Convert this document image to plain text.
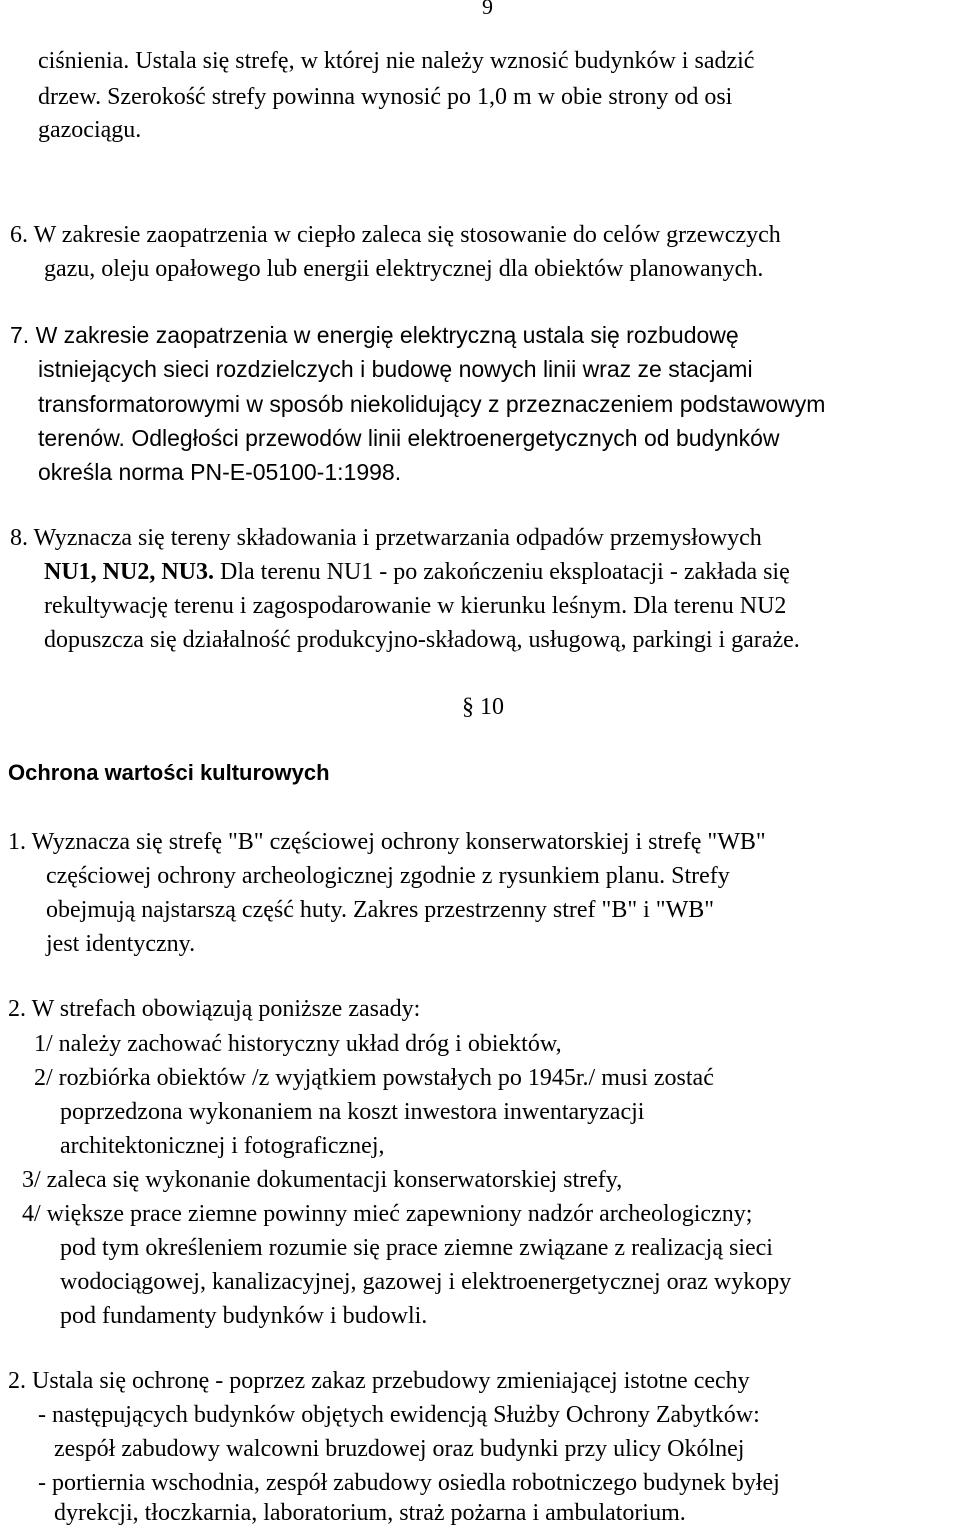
9
ciśnienia. Ustala się strefę, w której nie należy wznosić budynków i sadzić
drzew. Szerokość strefy powinna wynosić po 1,0 m w obie strony od osi
gazociągu.
6. W zakresie zaopatrzenia w ciepło zaleca się stosowanie do celów grzewczych
gazu, oleju opałowego lub energii elektrycznej dla obiektów planowanych.
7. W zakresie zaopatrzenia w energię elektryczną ustala się rozbudowę
istniejących sieci rozdzielczych i budowę nowych linii wraz ze stacjami
transformatorowymi w sposób niekolidujący z przeznaczeniem podstawowym
terenów. Odległości przewodów linii elektroenergetycznych od budynków
określa norma PN-E-05100-1:1998.
8. Wyznacza się tereny składowania i przetwarzania odpadów przemysłowych
NU1, NU2, NU3. Dla terenu NU1 - po zakończeniu eksploatacji - zakłada się
rekultywację terenu i zagospodarowanie w kierunku leśnym. Dla terenu NU2
dopuszcza się działalność produkcyjno-składową, usługową, parkingi i garaże.
§ 10
Ochrona wartości kulturowych
1. Wyznacza się strefę "B" częściowej ochrony konserwatorskiej i strefę "WB"
częściowej ochrony archeologicznej zgodnie z rysunkiem planu. Strefy
obejmują najstarszą część huty. Zakres przestrzenny stref "B" i "WB"
jest identyczny.
2. W strefach obowiązują poniższe zasady:
1/ należy zachować historyczny układ dróg i obiektów,
2/ rozbiórka obiektów /z wyjątkiem powstałych po 1945r./ musi zostać
poprzedzona wykonaniem na koszt inwestora inwentaryzacji
architektonicznej i fotograficznej,
3/ zaleca się wykonanie dokumentacji konserwatorskiej strefy,
4/ większe prace ziemne powinny mieć zapewniony nadzór archeologiczny;
pod tym określeniem rozumie się prace ziemne związane z realizacją sieci
wodociągowej, kanalizacyjnej, gazowej i elektroenergetycznej oraz wykopy
pod fundamenty budynków i budowli.
2. Ustala się ochronę - poprzez zakaz przebudowy zmieniającej istotne cechy
- następujących budynków objętych ewidencją Służby Ochrony Zabytków:
zespół zabudowy walcowni bruzdowej oraz budynki przy ulicy Okólnej
- portiernia wschodnia, zespół zabudowy osiedla robotniczego budynek byłej
dyrekcji, tłoczkarnia, laboratorium, straż pożarna i ambulatorium.
